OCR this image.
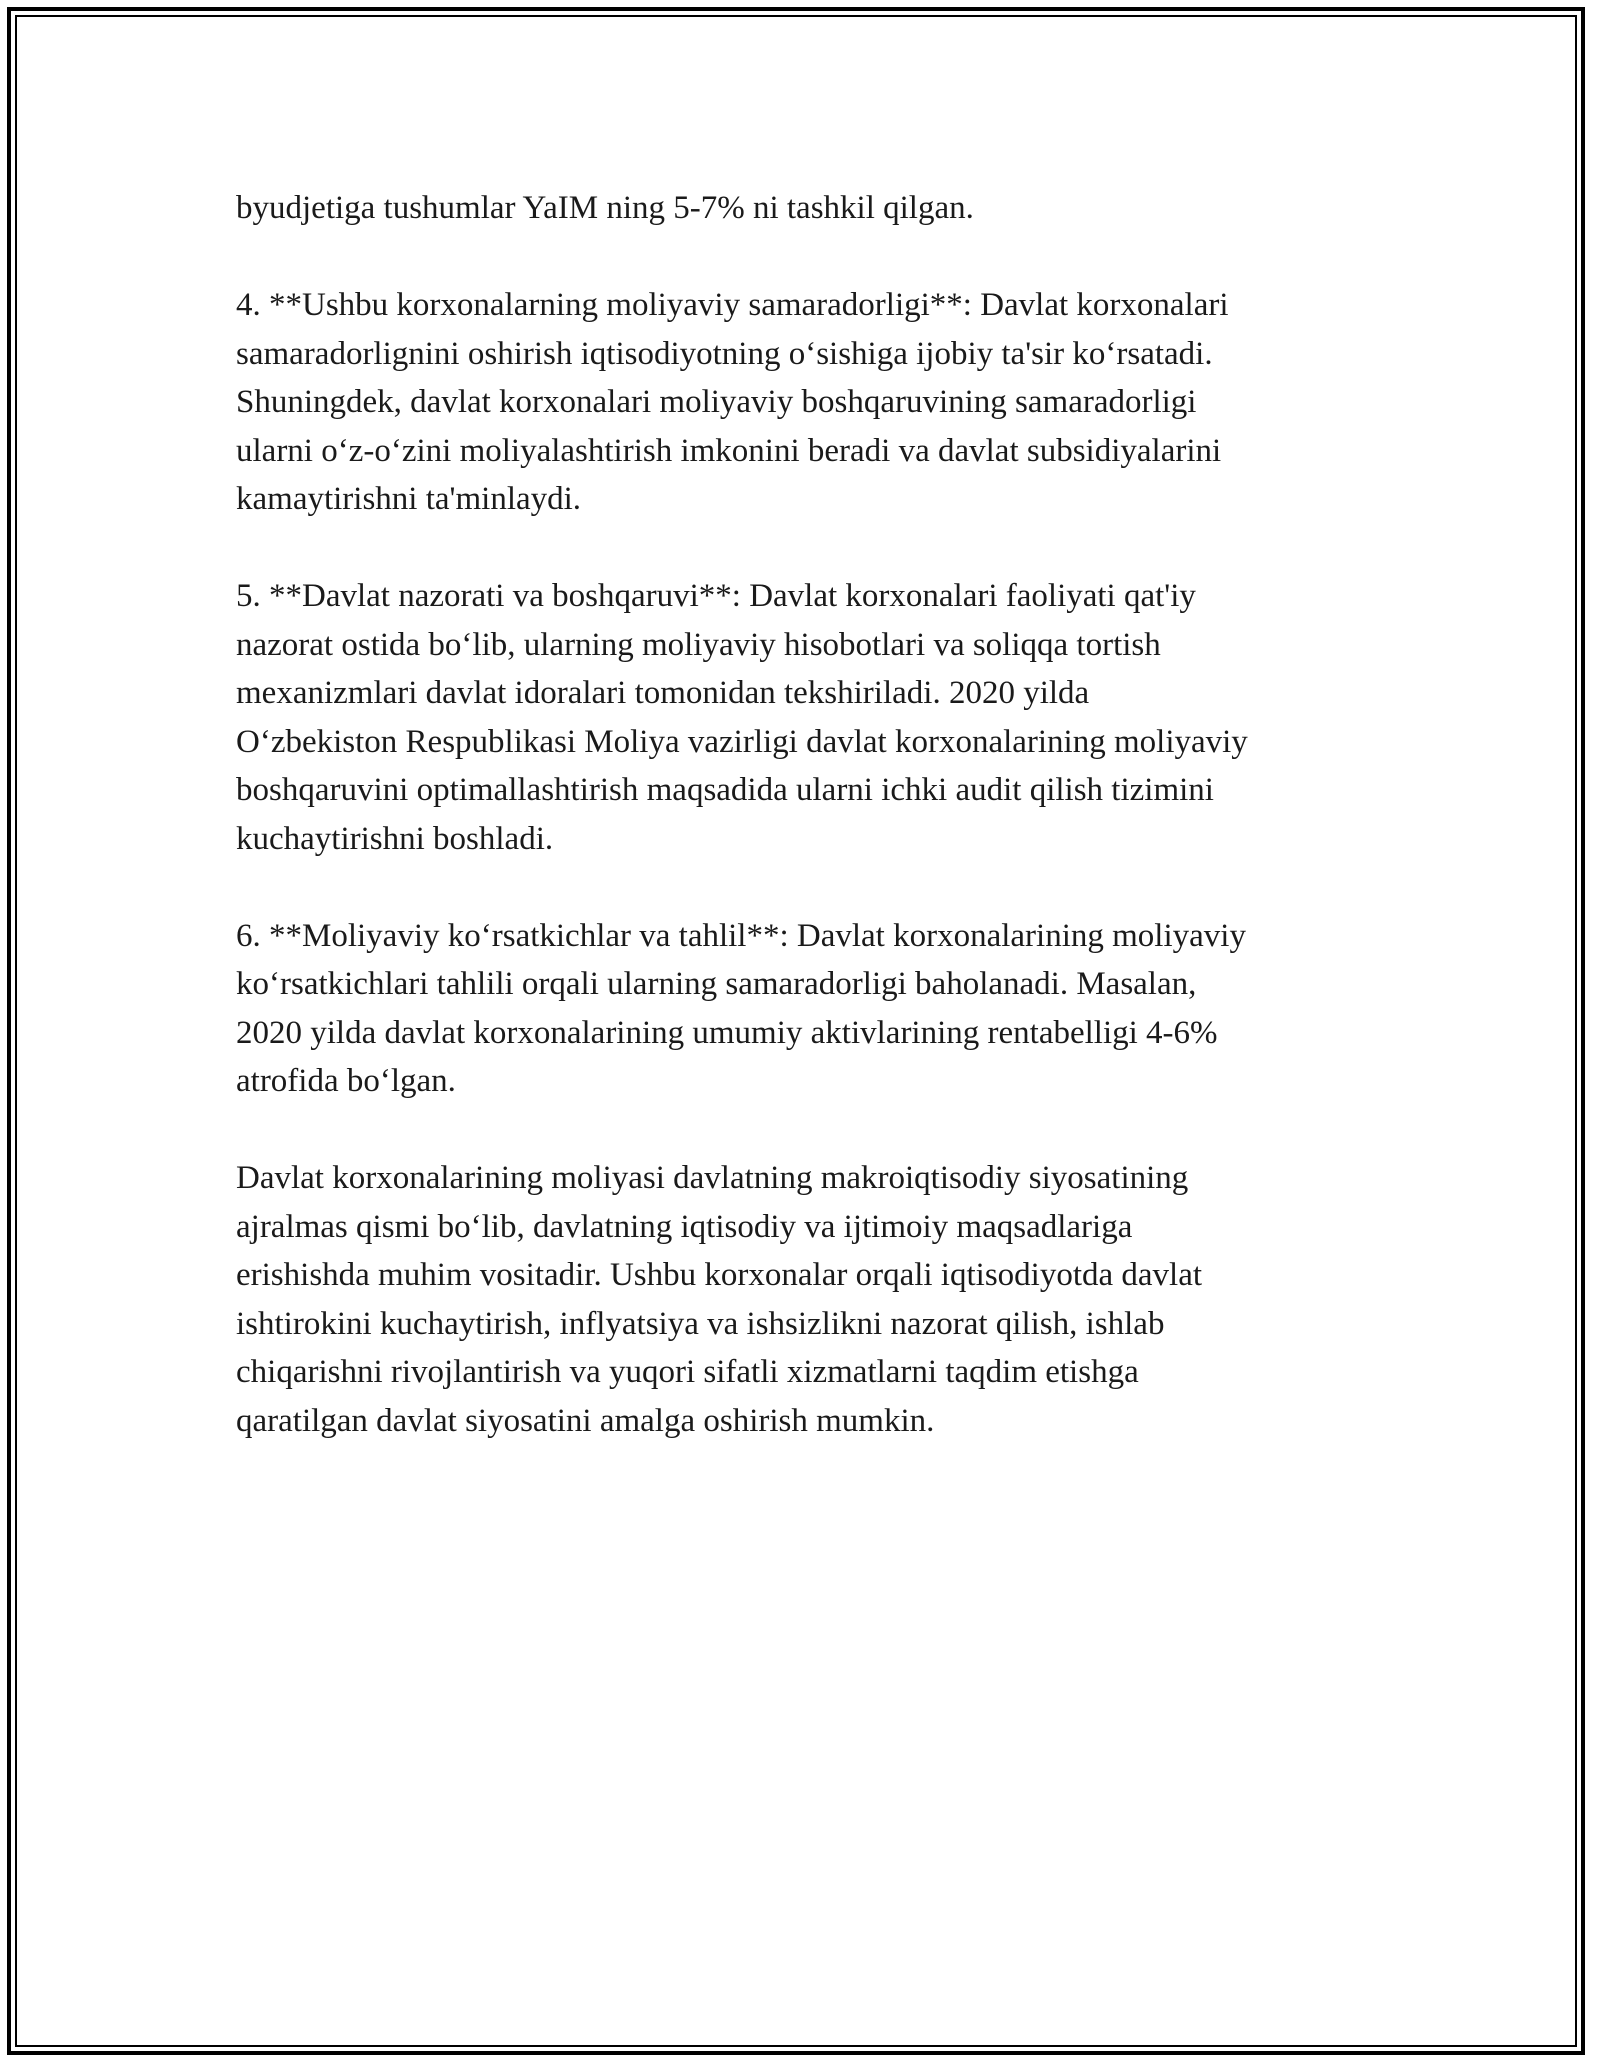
byudjetiga tushumlar YaIM ning 5-7% ni tashkil qilgan.

4. **Ushbu korxonalarning moliyaviy samaradorligi**: Davlat korxonalari
samaradorlignini oshirish iqtisodiyotning o‘sishiga ijobiy ta'sir ko‘rsatadi.
Shuningdek, davlat korxonalari moliyaviy boshqaruvining samaradorligi
ularni o‘z-o‘zini moliyalashtirish imkonini beradi va davlat subsidiyalarini
kamaytirishni ta'minlaydi.

5. **Davlat nazorati va boshqaruvi**: Davlat korxonalari faoliyati qat'iy
nazorat ostida bo‘lib, ularning moliyaviy hisobotlari va soliqqa tortish
mexanizmlari davlat idoralari tomonidan tekshiriladi. 2020 yilda
O‘zbekiston Respublikasi Moliya vazirligi davlat korxonalarining moliyaviy
boshqaruvini optimallashtirish maqsadida ularni ichki audit qilish tizimini
kuchaytirishni boshladi.

6. **Moliyaviy ko‘rsatkichlar va tahlil**: Davlat korxonalarining moliyaviy
ko‘rsatkichlari tahlili orqali ularning samaradorligi baholanadi. Masalan,
2020 yilda davlat korxonalarining umumiy aktivlarining rentabelligi 4-6%
atrofida bo‘lgan.

Davlat korxonalarining moliyasi davlatning makroiqtisodiy siyosatining
ajralmas qismi bo‘lib, davlatning iqtisodiy va ijtimoiy maqsadlariga
erishishda muhim vositadir. Ushbu korxonalar orqali iqtisodiyotda davlat
ishtirokini kuchaytirish, inflyatsiya va ishsizlikni nazorat qilish, ishlab
chiqarishni rivojlantirish va yuqori sifatli xizmatlarni taqdim etishga
qaratilgan davlat siyosatini amalga oshirish mumkin.
